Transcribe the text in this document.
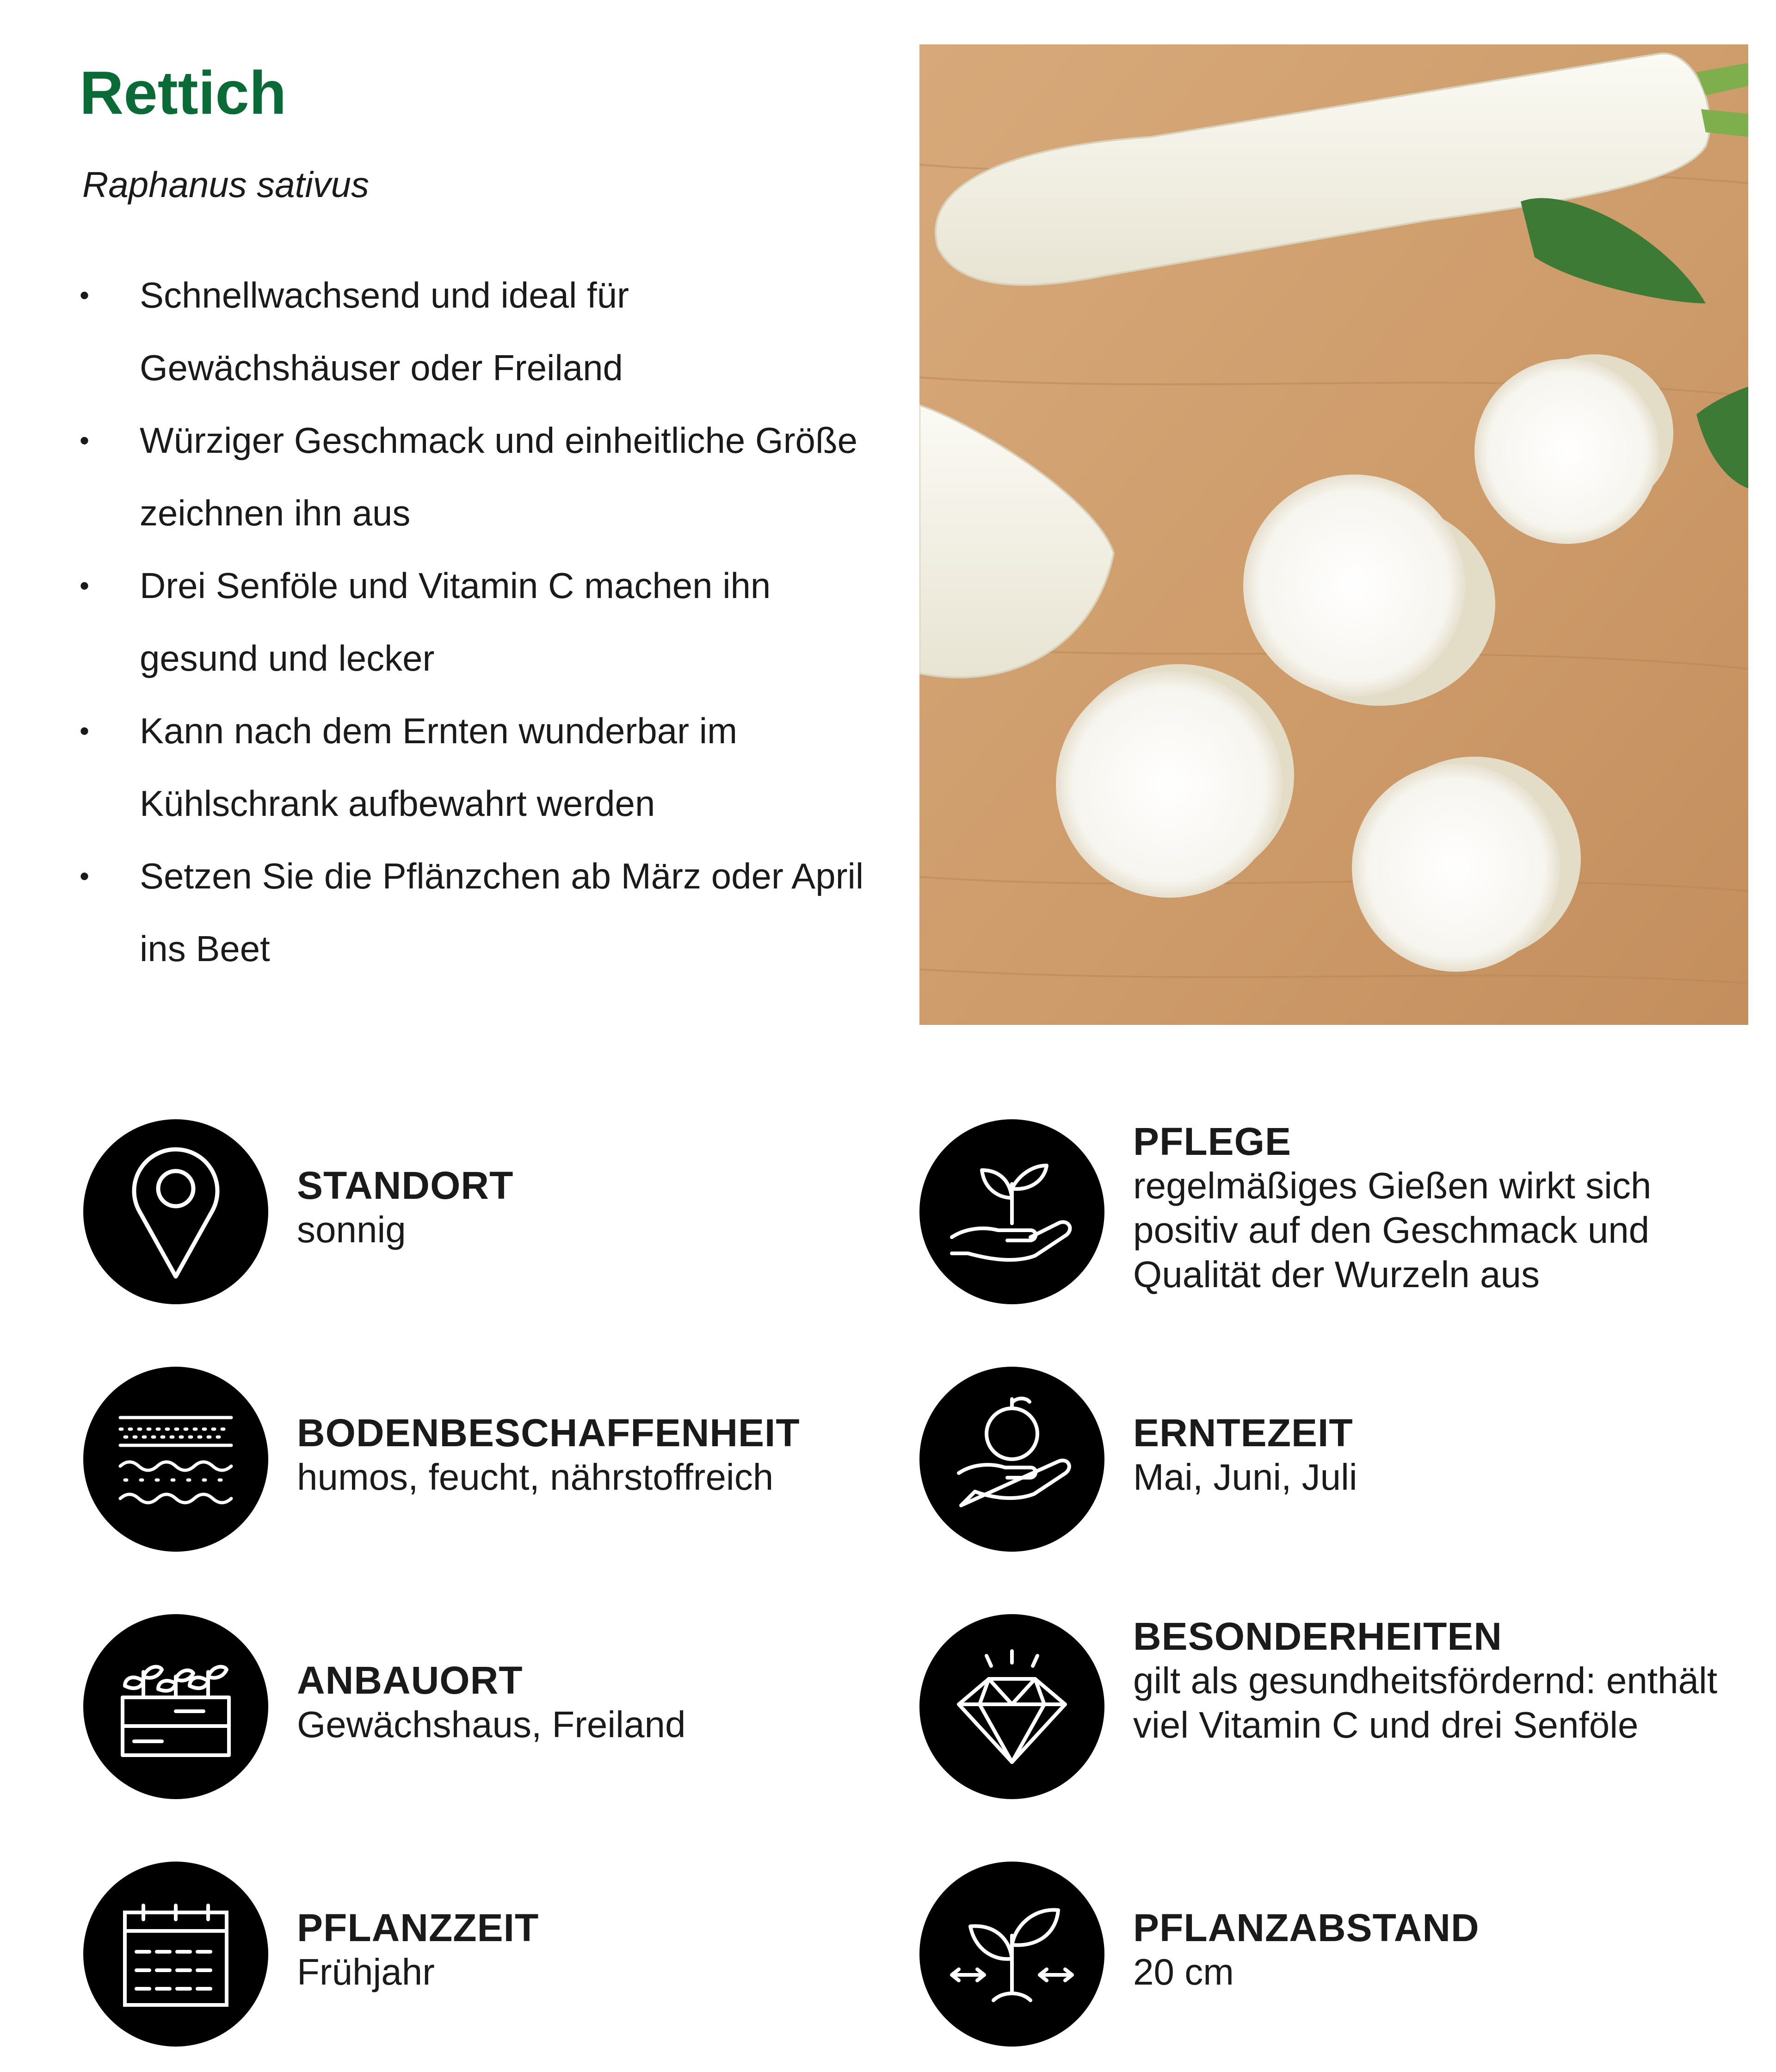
Rettich
Raphanus sativus
• Schnellwachsend und ideal für Gewächshäuser oder Freiland
• Würziger Geschmack und einheitliche Größe zeichnen ihn aus
• Drei Senföle und Vitamin C machen ihn gesund und lecker
• Kann nach dem Ernten wunderbar im Kühlschrank aufbewahrt werden
• Setzen Sie die Pflänzchen ab März oder April ins Beet
STANDORT
sonnig
BODENBESCHAFFENHEIT
humos, feucht, nährstoffreich
ANBAUORT
Gewächshaus, Freiland
PFLANZZEIT
Frühjahr
PFLEGE
regelmäßiges Gießen wirkt sich positiv auf den Geschmack und Qualität der Wurzeln aus
ERNTEZEIT
Mai, Juni, Juli
BESONDERHEITEN
gilt als gesundheitsfördernd: enthält viel Vitamin C und drei Senföle
PFLANZABSTAND
20 cm
